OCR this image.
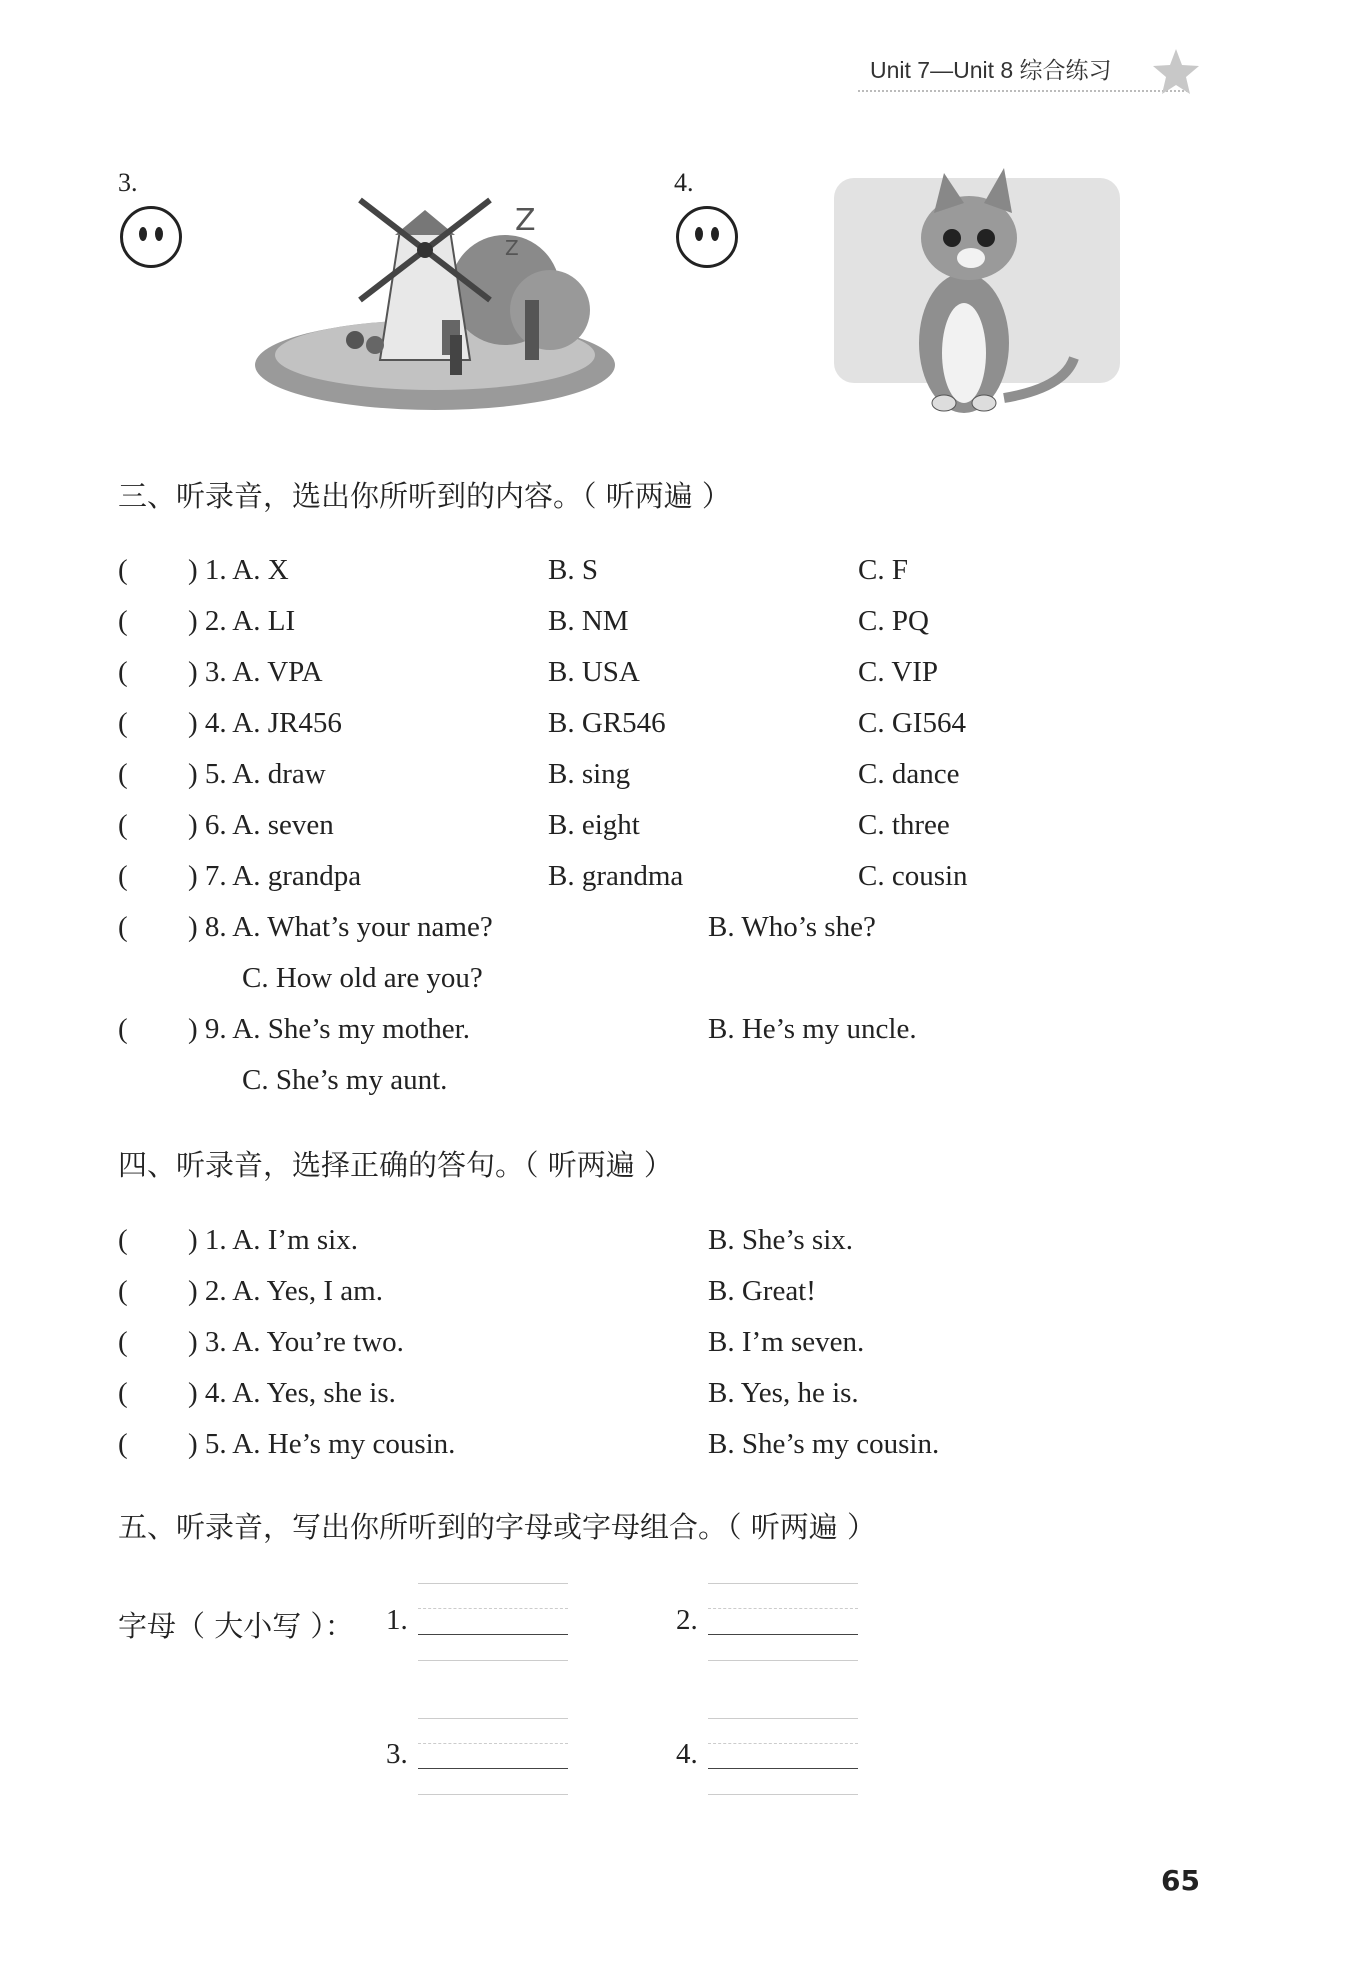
Unit 7—Unit 8 综合练习
3.
Z
Z
4.
三、听录音，选出你所听到的内容。（ 听两遍 ）
( ) 1. A. X	B. S	C. F
( ) 2. A. LI	B. NM	C. PQ
( ) 3. A. VPA	B. USA	C. VIP
( ) 4. A. JR456	B. GR546	C. GI564
( ) 5. A. draw	B. sing	C. dance
( ) 6. A. seven	B. eight	C. three
( ) 7. A. grandpa	B. grandma	C. cousin
( ) 8. A. What’s your name?	B. Who’s she?
C. How old are you?
( ) 9. A. She’s my mother.	B. He’s my uncle.
C. She’s my aunt.
四、听录音，选择正确的答句。（ 听两遍 ）
( ) 1. A. I’m six.	B. She’s six.
( ) 2. A. Yes, I am.	B. Great!
( ) 3. A. You’re two.	B. I’m seven.
( ) 4. A. Yes, she is.	B. Yes, he is.
( ) 5. A. He’s my cousin.	B. She’s my cousin.
五、听录音，写出你所听到的字母或字母组合。（ 听两遍 ）
字母（ 大小写 ）： 1.	2.
3.	4.
65
